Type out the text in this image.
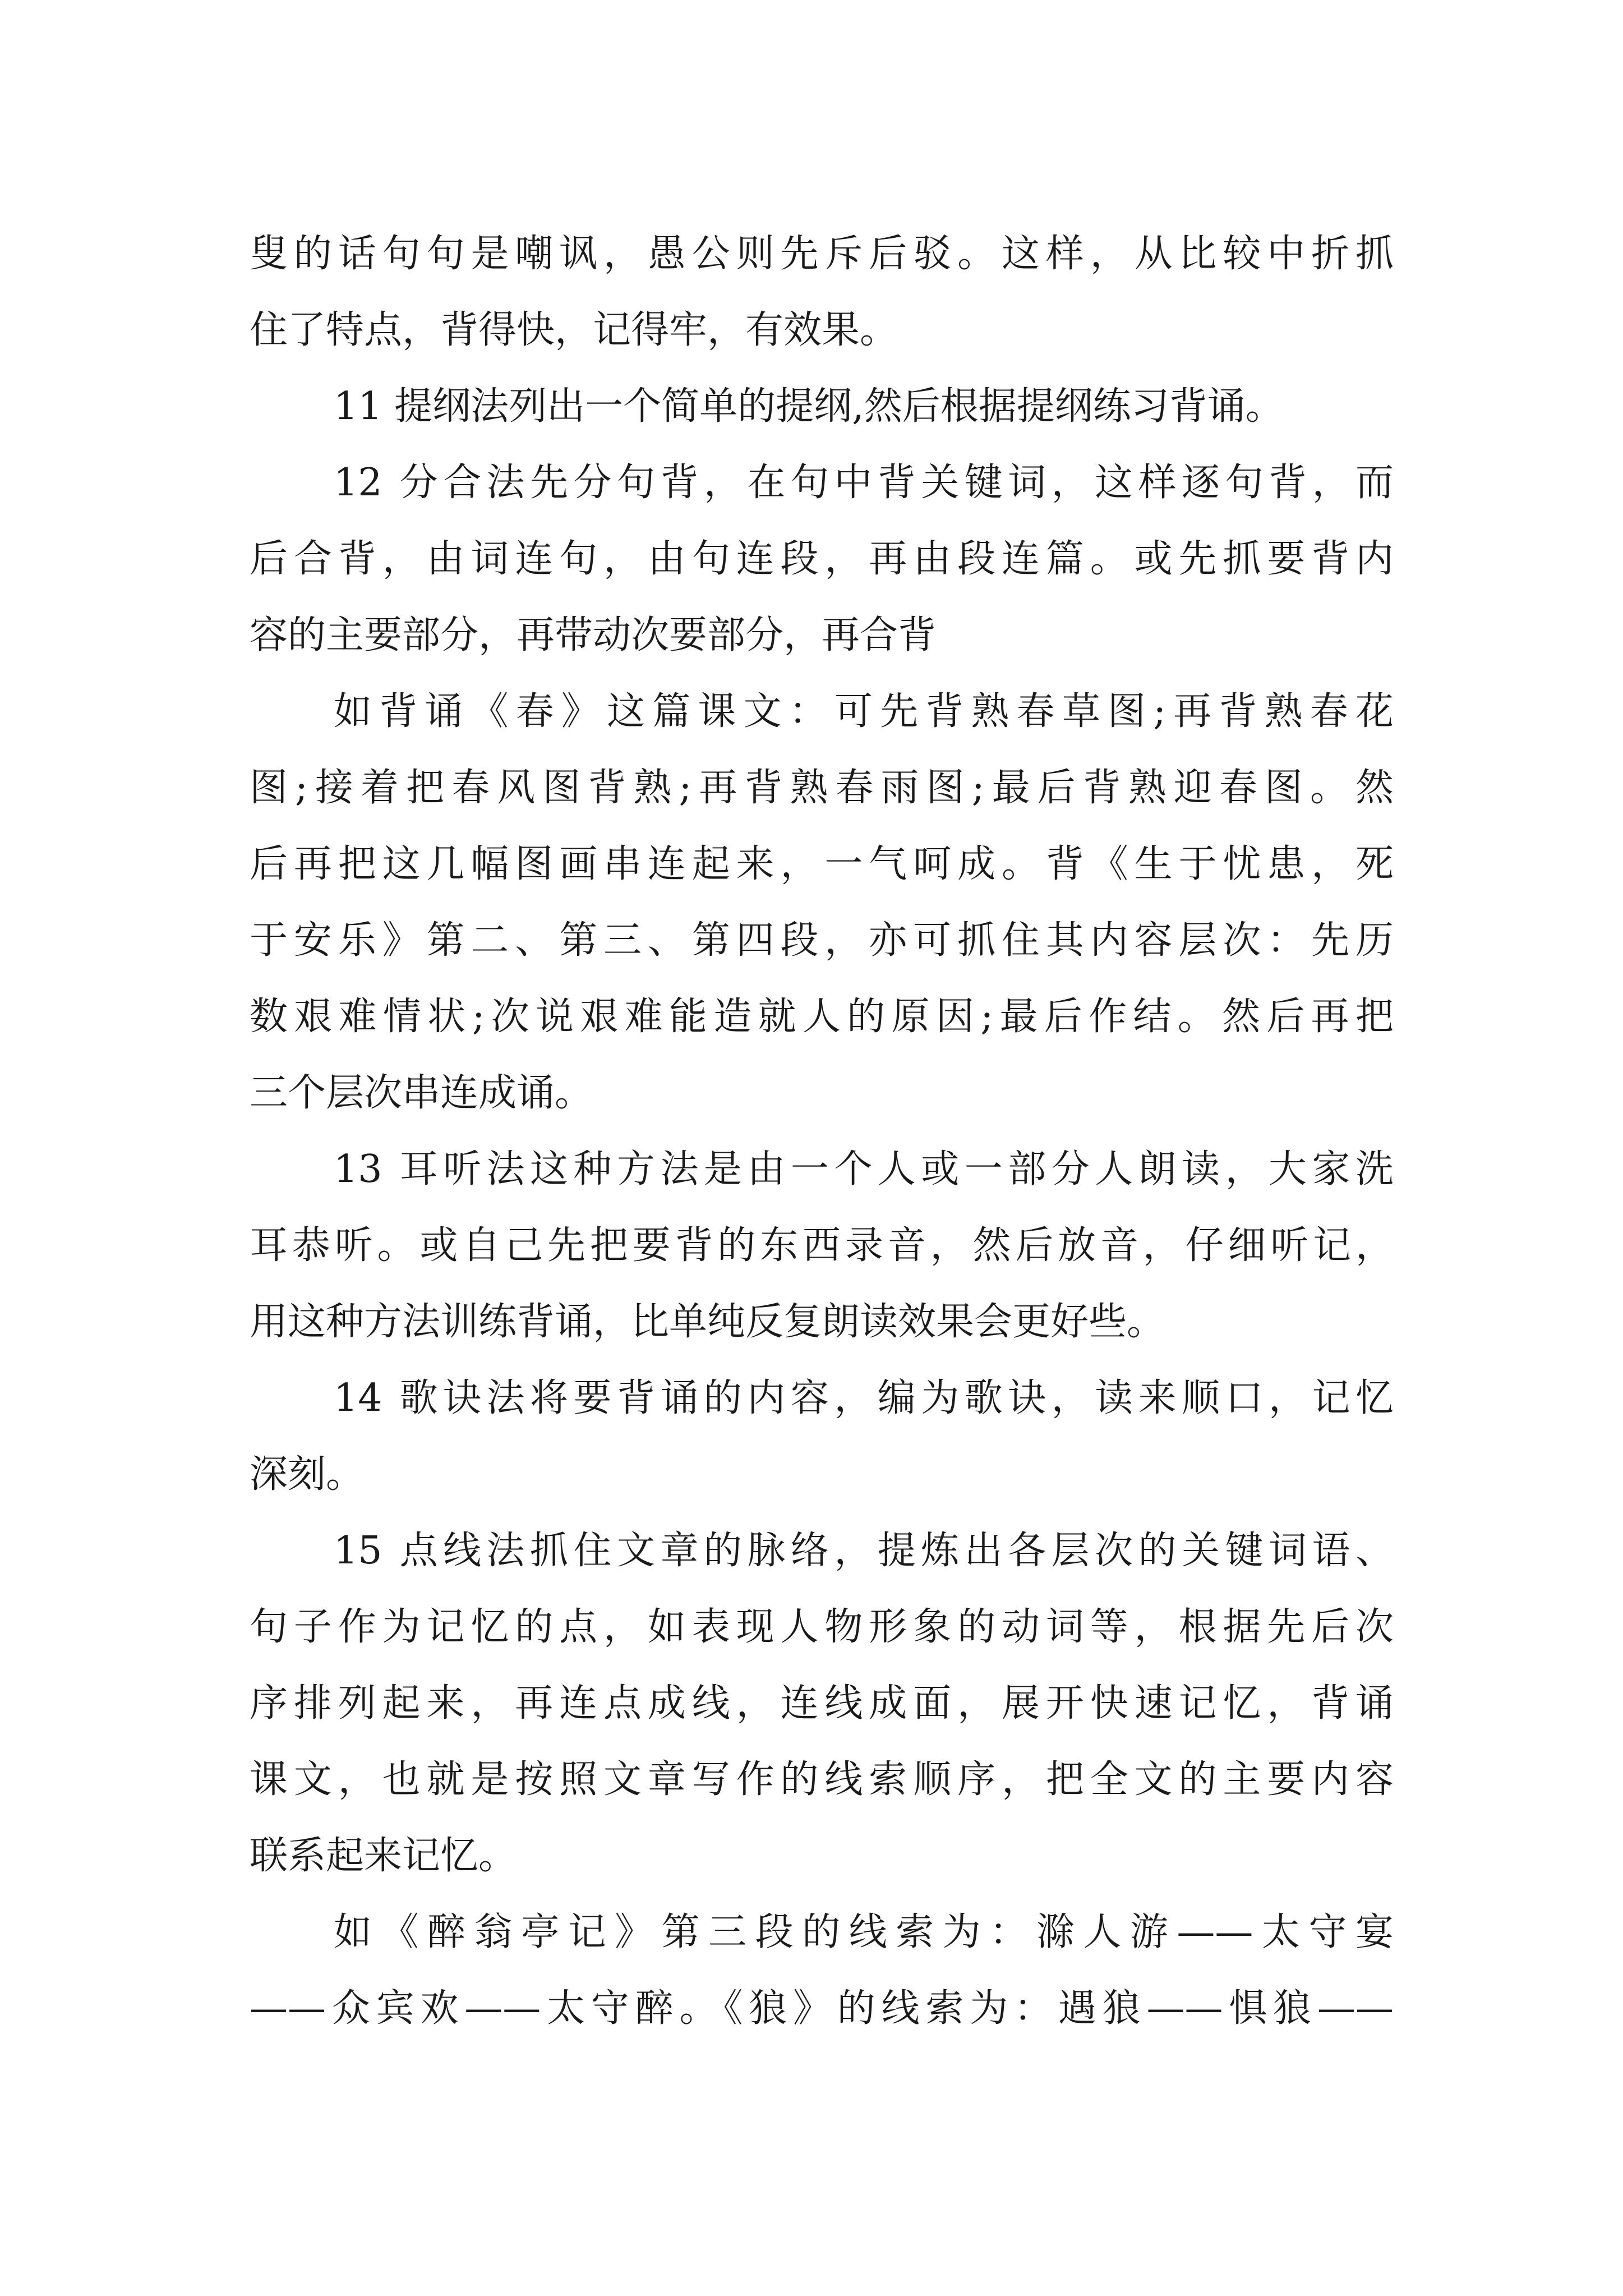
叟的话句句是嘲讽，愚公则先斥后驳。这样，从比较中折抓
住了特点，背得快，记得牢，有效果。
11 提纲法列出一个简单的提纲,然后根据提纲练习背诵。
12 分合法先分句背，在句中背关键词，这样逐句背，而
后合背，由词连句，由句连段，再由段连篇。或先抓要背内
容的主要部分，再带动次要部分，再合背
如背诵《春》这篇课文：可先背熟春草图;再背熟春花
图;接着把春风图背熟;再背熟春雨图;最后背熟迎春图。然
后再把这几幅图画串连起来，一气呵成。背《生于忧患，死
于安乐》第二、第三、第四段，亦可抓住其内容层次：先历
数艰难情状;次说艰难能造就人的原因;最后作结。然后再把
三个层次串连成诵。
13 耳听法这种方法是由一个人或一部分人朗读，大家洗
耳恭听。或自己先把要背的东西录音，然后放音，仔细听记，
用这种方法训练背诵，比单纯反复朗读效果会更好些。
14 歌诀法将要背诵的内容，编为歌诀，读来顺口，记忆
深刻。
15 点线法抓住文章的脉络，提炼出各层次的关键词语、
句子作为记忆的点，如表现人物形象的动词等，根据先后次
序排列起来，再连点成线，连线成面，展开快速记忆，背诵
课文，也就是按照文章写作的线索顺序，把全文的主要内容
联系起来记忆。
如《醉翁亭记》第三段的线索为：滁人游——太守宴
——众宾欢——太守醉。《狼》的线索为：遇狼——惧狼——
